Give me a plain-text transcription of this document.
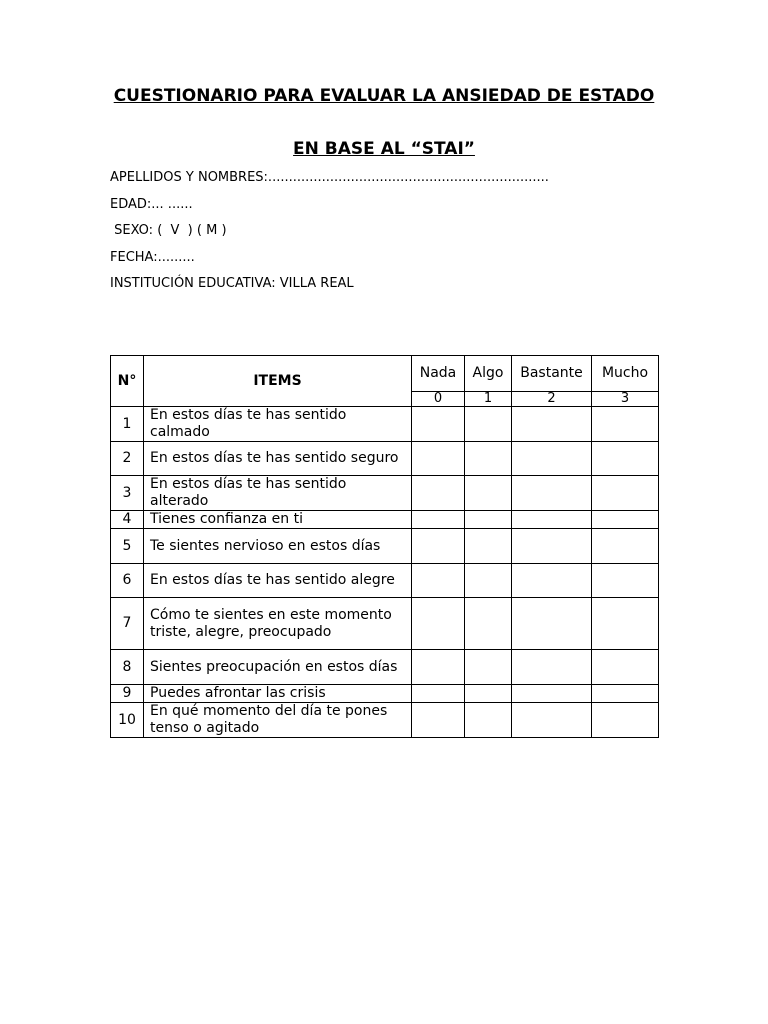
CUESTIONARIO PARA EVALUAR LA ANSIEDAD DE ESTADO
EN BASE AL “STAI”
APELLIDOS Y NOMBRES:....................................................................
EDAD:... ......
SEXO: (  V  ) ( M )
FECHA:.........
INSTITUCIÓN EDUCATIVA: VILLA REAL
N°	ITEMS	Nada	Algo	Bastante	Mucho
		0	1	2	3
1	En estos días te has sentido calmado				
2	En estos días te has sentido seguro				
3	En estos días te has sentido alterado				
4	Tienes confianza en ti				
5	Te sientes nervioso en estos días				
6	En estos días te has sentido alegre				
7	Cómo te sientes en este momento triste, alegre, preocupado				
8	Sientes preocupación en estos días				
9	Puedes afrontar las crisis				
10	En qué momento del día te pones tenso o agitado				
